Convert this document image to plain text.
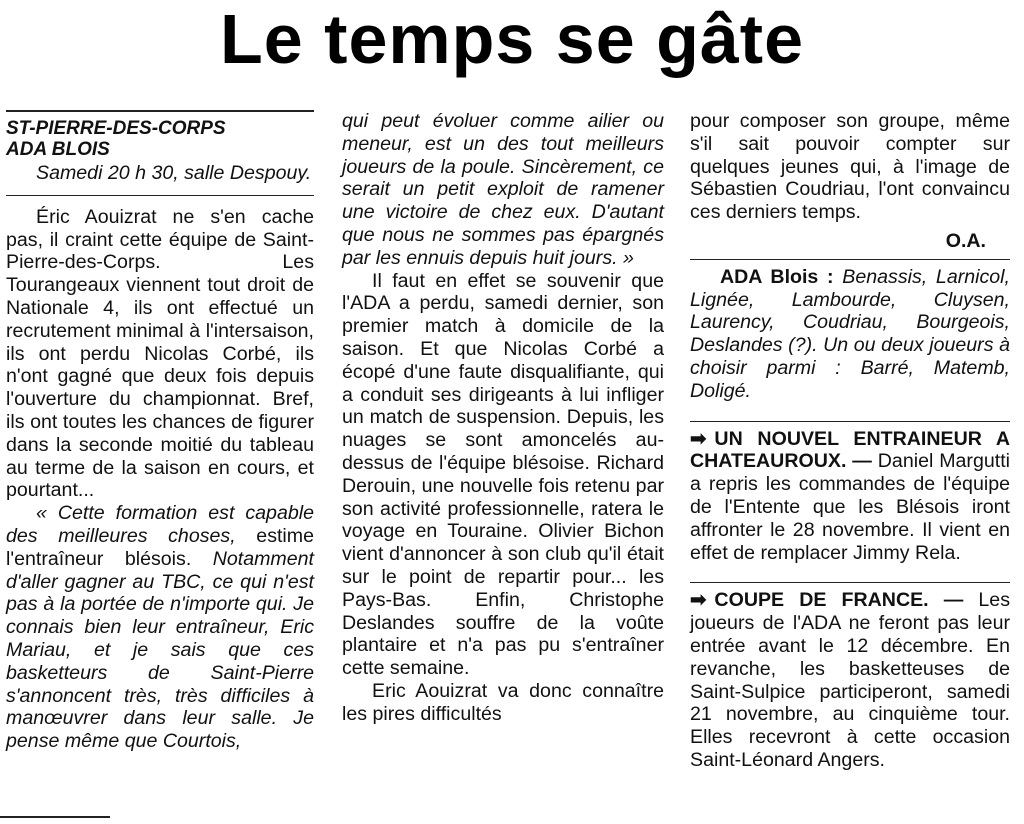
Le temps se gâte
ST-PIERRE-DES-CORPS
ADA BLOIS
Samedi 20 h 30, salle Despouy.

Éric Aouizrat ne s'en cache pas, il craint cette équipe de Saint-Pierre-des-Corps. Les Tourangeaux viennent tout droit de Nationale 4, ils ont effectué un recrutement minimal à l'intersaison, ils ont perdu Nicolas Corbé, ils n'ont gagné que deux fois depuis l'ouverture du championnat. Bref, ils ont toutes les chances de figurer dans la seconde moitié du tableau au terme de la saison en cours, et pourtant...

« Cette formation est capable des meilleures choses, estime l'entraîneur blésois. Notamment d'aller gagner au TBC, ce qui n'est pas à la portée de n'importe qui. Je connais bien leur entraîneur, Eric Mariau, et je sais que ces basketteurs de Saint-Pierre s'annoncent très, très difficiles à manœuvrer dans leur salle. Je pense même que Courtois,

qui peut évoluer comme ailier ou meneur, est un des tout meilleurs joueurs de la poule. Sincèrement, ce serait un petit exploit de ramener une victoire de chez eux. D'autant que nous ne sommes pas épargnés par les ennuis depuis huit jours. »

Il faut en effet se souvenir que l'ADA a perdu, samedi dernier, son premier match à domicile de la saison. Et que Nicolas Corbé a écopé d'une faute disqualifiante, qui a conduit ses dirigeants à lui infliger un match de suspension. Depuis, les nuages se sont amoncelés au-dessus de l'équipe blésoise. Richard Derouin, une nouvelle fois retenu par son activité professionnelle, ratera le voyage en Touraine. Olivier Bichon vient d'annoncer à son club qu'il était sur le point de repartir pour... les Pays-Bas. Enfin, Christophe Deslandes souffre de la voûte plantaire et n'a pas pu s'entraîner cette semaine.

Eric Aouizrat va donc connaître les pires difficultés

pour composer son groupe, même s'il sait pouvoir compter sur quelques jeunes qui, à l'image de Sébastien Coudriau, l'ont convaincu ces derniers temps.

O.A.

ADA Blois : Benassis, Larnicol, Lignée, Lambourde, Cluysen, Laurency, Coudriau, Bourgeois, Deslandes (?). Un ou deux joueurs à choisir parmi : Barré, Matemb, Doligé.

➡ UN NOUVEL ENTRAINEUR A CHATEAUROUX. — Daniel Margutti a repris les commandes de l'équipe de l'Entente que les Blésois iront affronter le 28 novembre. Il vient en effet de remplacer Jimmy Rela.

➡ COUPE DE FRANCE. — Les joueurs de l'ADA ne feront pas leur entrée avant le 12 décembre. En revanche, les basketteuses de Saint-Sulpice participeront, samedi 21 novembre, au cinquième tour. Elles recevront à cette occasion Saint-Léonard Angers.
